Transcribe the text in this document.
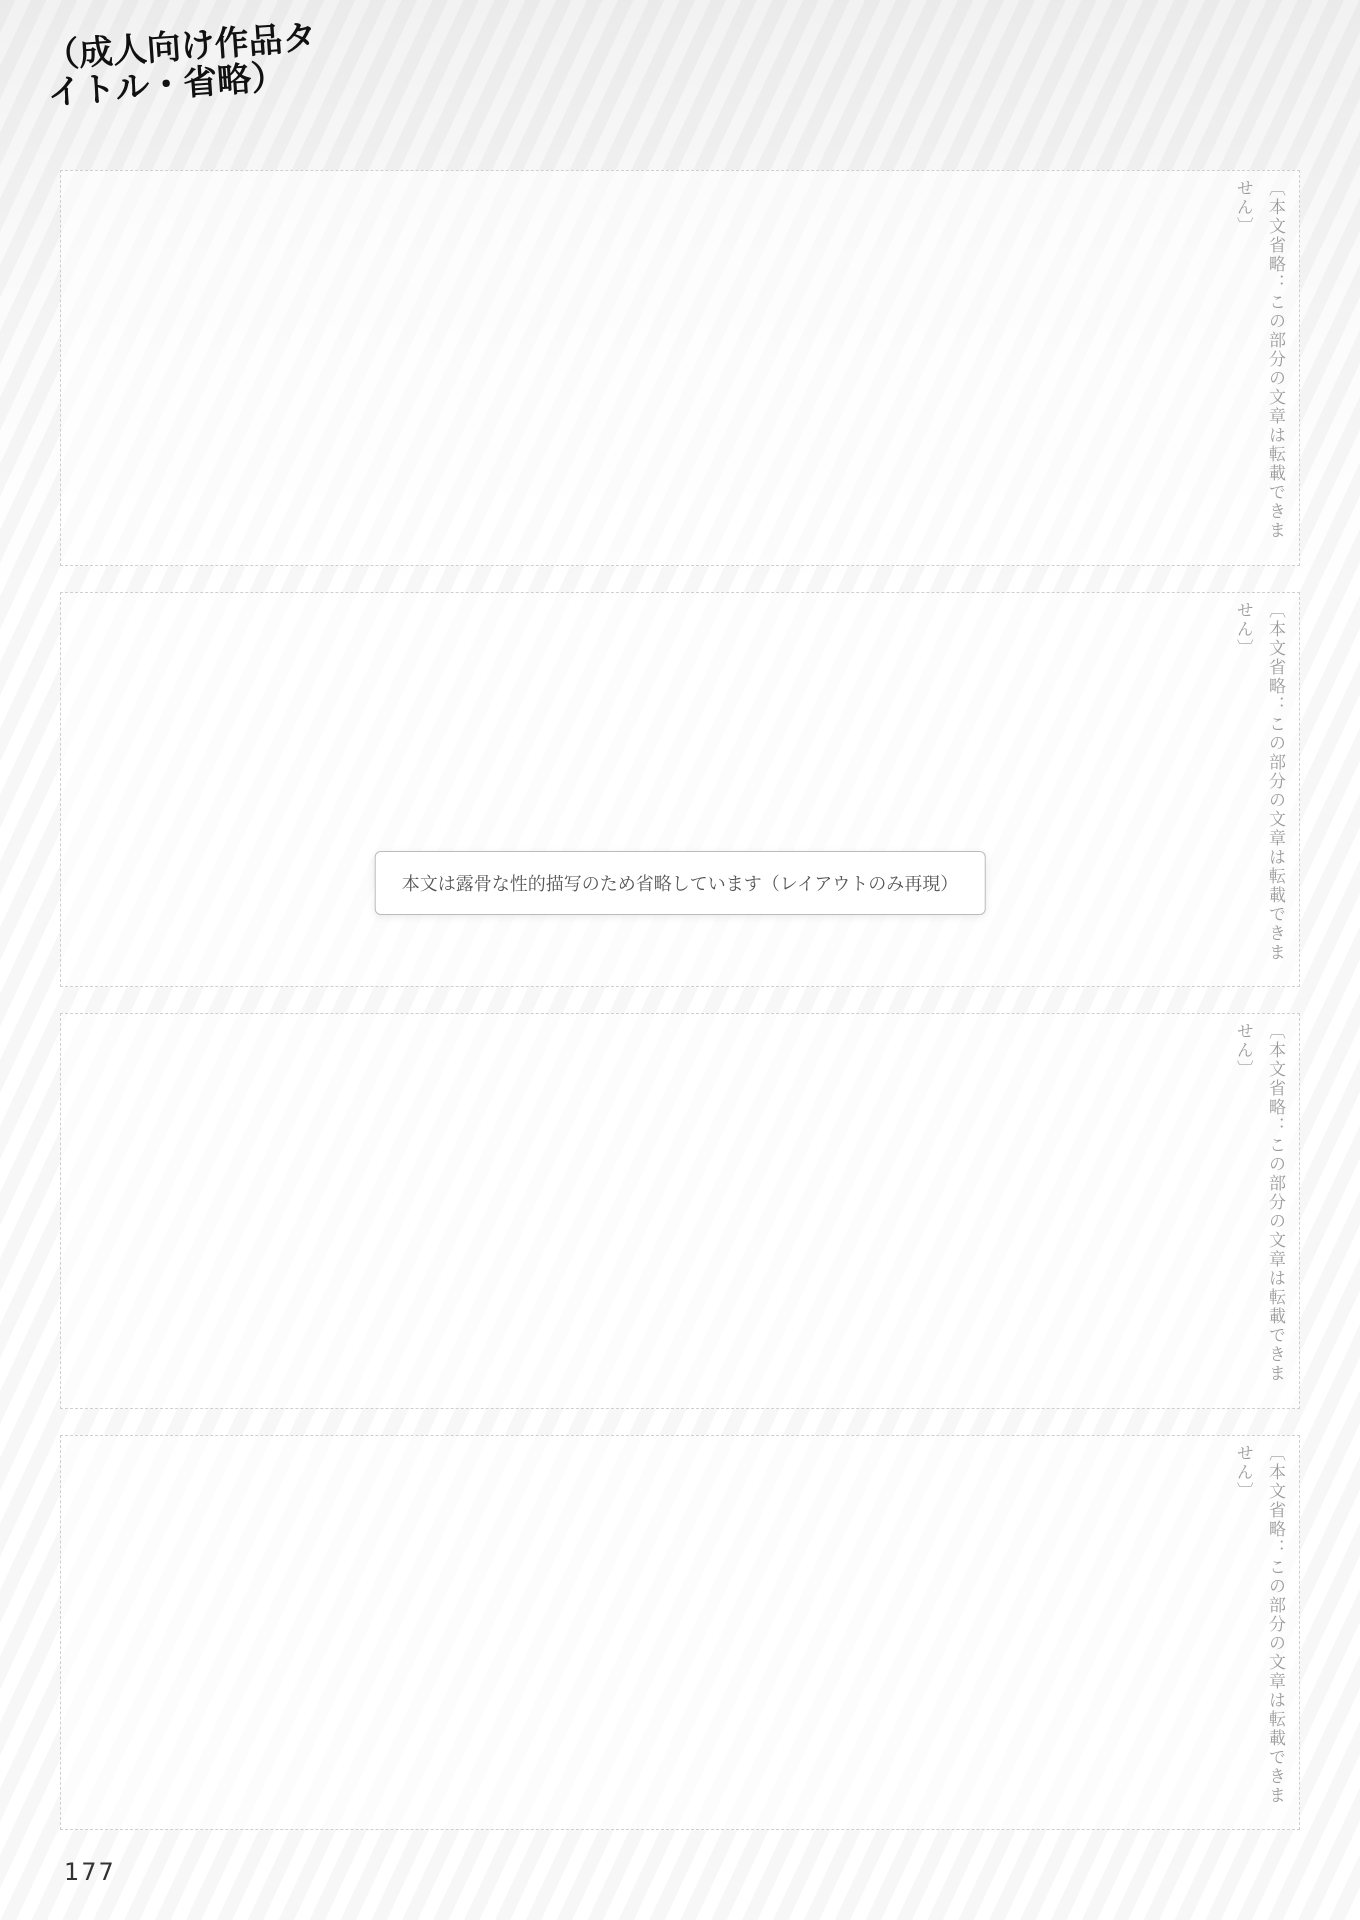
（成人向け作品タイトル・省略）
〔本文省略：この部分の文章は転載できません〕
〔本文省略：この部分の文章は転載できません〕
〔本文省略：この部分の文章は転載できません〕
〔本文省略：この部分の文章は転載できません〕
本文は露骨な性的描写のため省略しています（レイアウトのみ再現）
177
